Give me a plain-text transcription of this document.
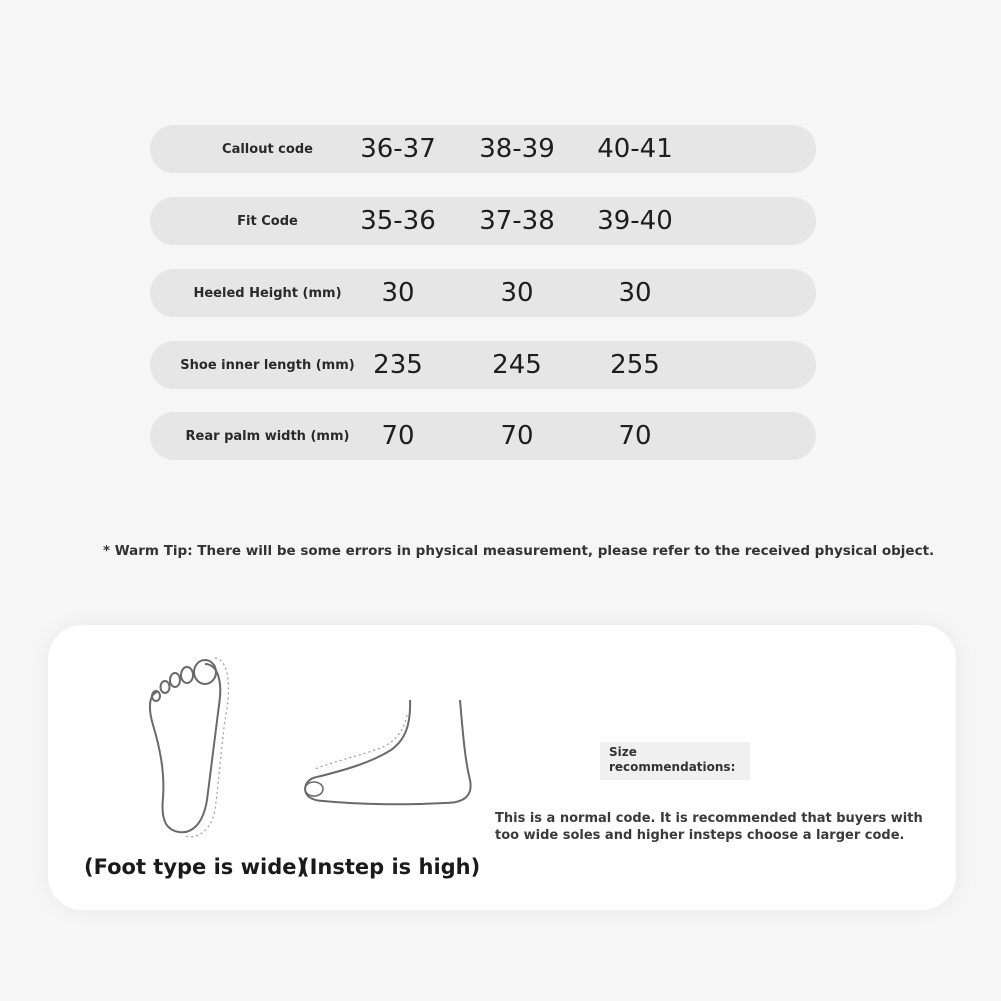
Callout code	36-37	38-39	40-41
Fit Code	35-36	37-38	39-40
Heeled Height (mm)	30	30	30
Shoe inner length (mm) 235	245	255
Rear palm width (mm)	70	70	70
* Warm Tip: There will be some errors in physical measurement, please refer to the received physical object.
(Foot type is wide)
(Instep is high)
Size recommendations:
This is a normal code. It is recommended that buyers with too wide soles and higher insteps choose a larger code.
